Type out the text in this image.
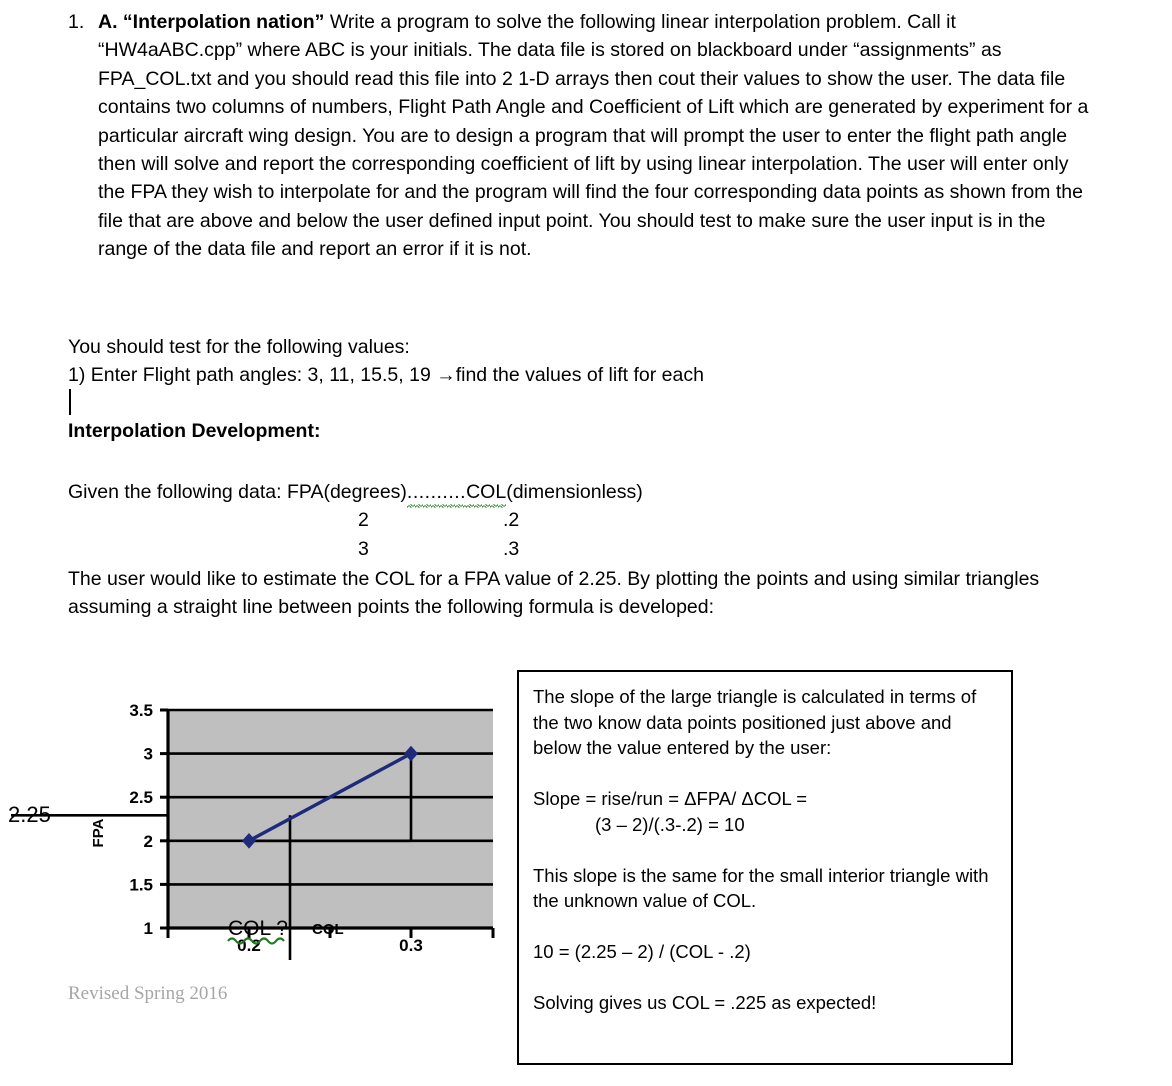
1. A. “Interpolation nation” Write a program to solve the following linear interpolation problem. Call it “HW4aABC.cpp” where ABC is your initials. The data file is stored on blackboard under “assignments” as FPA_COL.txt and you should read this file into 2 1-D arrays then cout their values to show the user. The data file contains two columns of numbers, Flight Path Angle and Coefficient of Lift which are generated by experiment for a particular aircraft wing design. You are to design a program that will prompt the user to enter the flight path angle then will solve and report the corresponding coefficient of lift by using linear interpolation. The user will enter only the FPA they wish to interpolate for and the program will find the four corresponding data points as shown from the file that are above and below the user defined input point. You should test to make sure the user input is in the range of the data file and report an error if it is not.
You should test for the following values:
1) Enter Flight path angles: 3, 11, 15.5, 19 →find the values of lift for each
Interpolation Development:
Given the following data: FPA(degrees)..........COL(dimensionless)
2	.2
3	.3
The user would like to estimate the COL for a FPA value of 2.25. By plotting the points and using similar triangles assuming a straight line between points the following formula is developed:
3.5
3
2.5
2
1.5
1
FPA
0.2	0.3
2.25
COL ? COL
Revised Spring 2016

The slope of the large triangle is calculated in terms of the two know data points positioned just above and below the value entered by the user:

Slope = rise/run = ΔFPA/ ΔCOL =

(3 – 2)/(.3-.2) = 10

This slope is the same for the small interior triangle with the unknown value of COL.

10 = (2.25 – 2) / (COL - .2)

Solving gives us COL = .225 as expected!
